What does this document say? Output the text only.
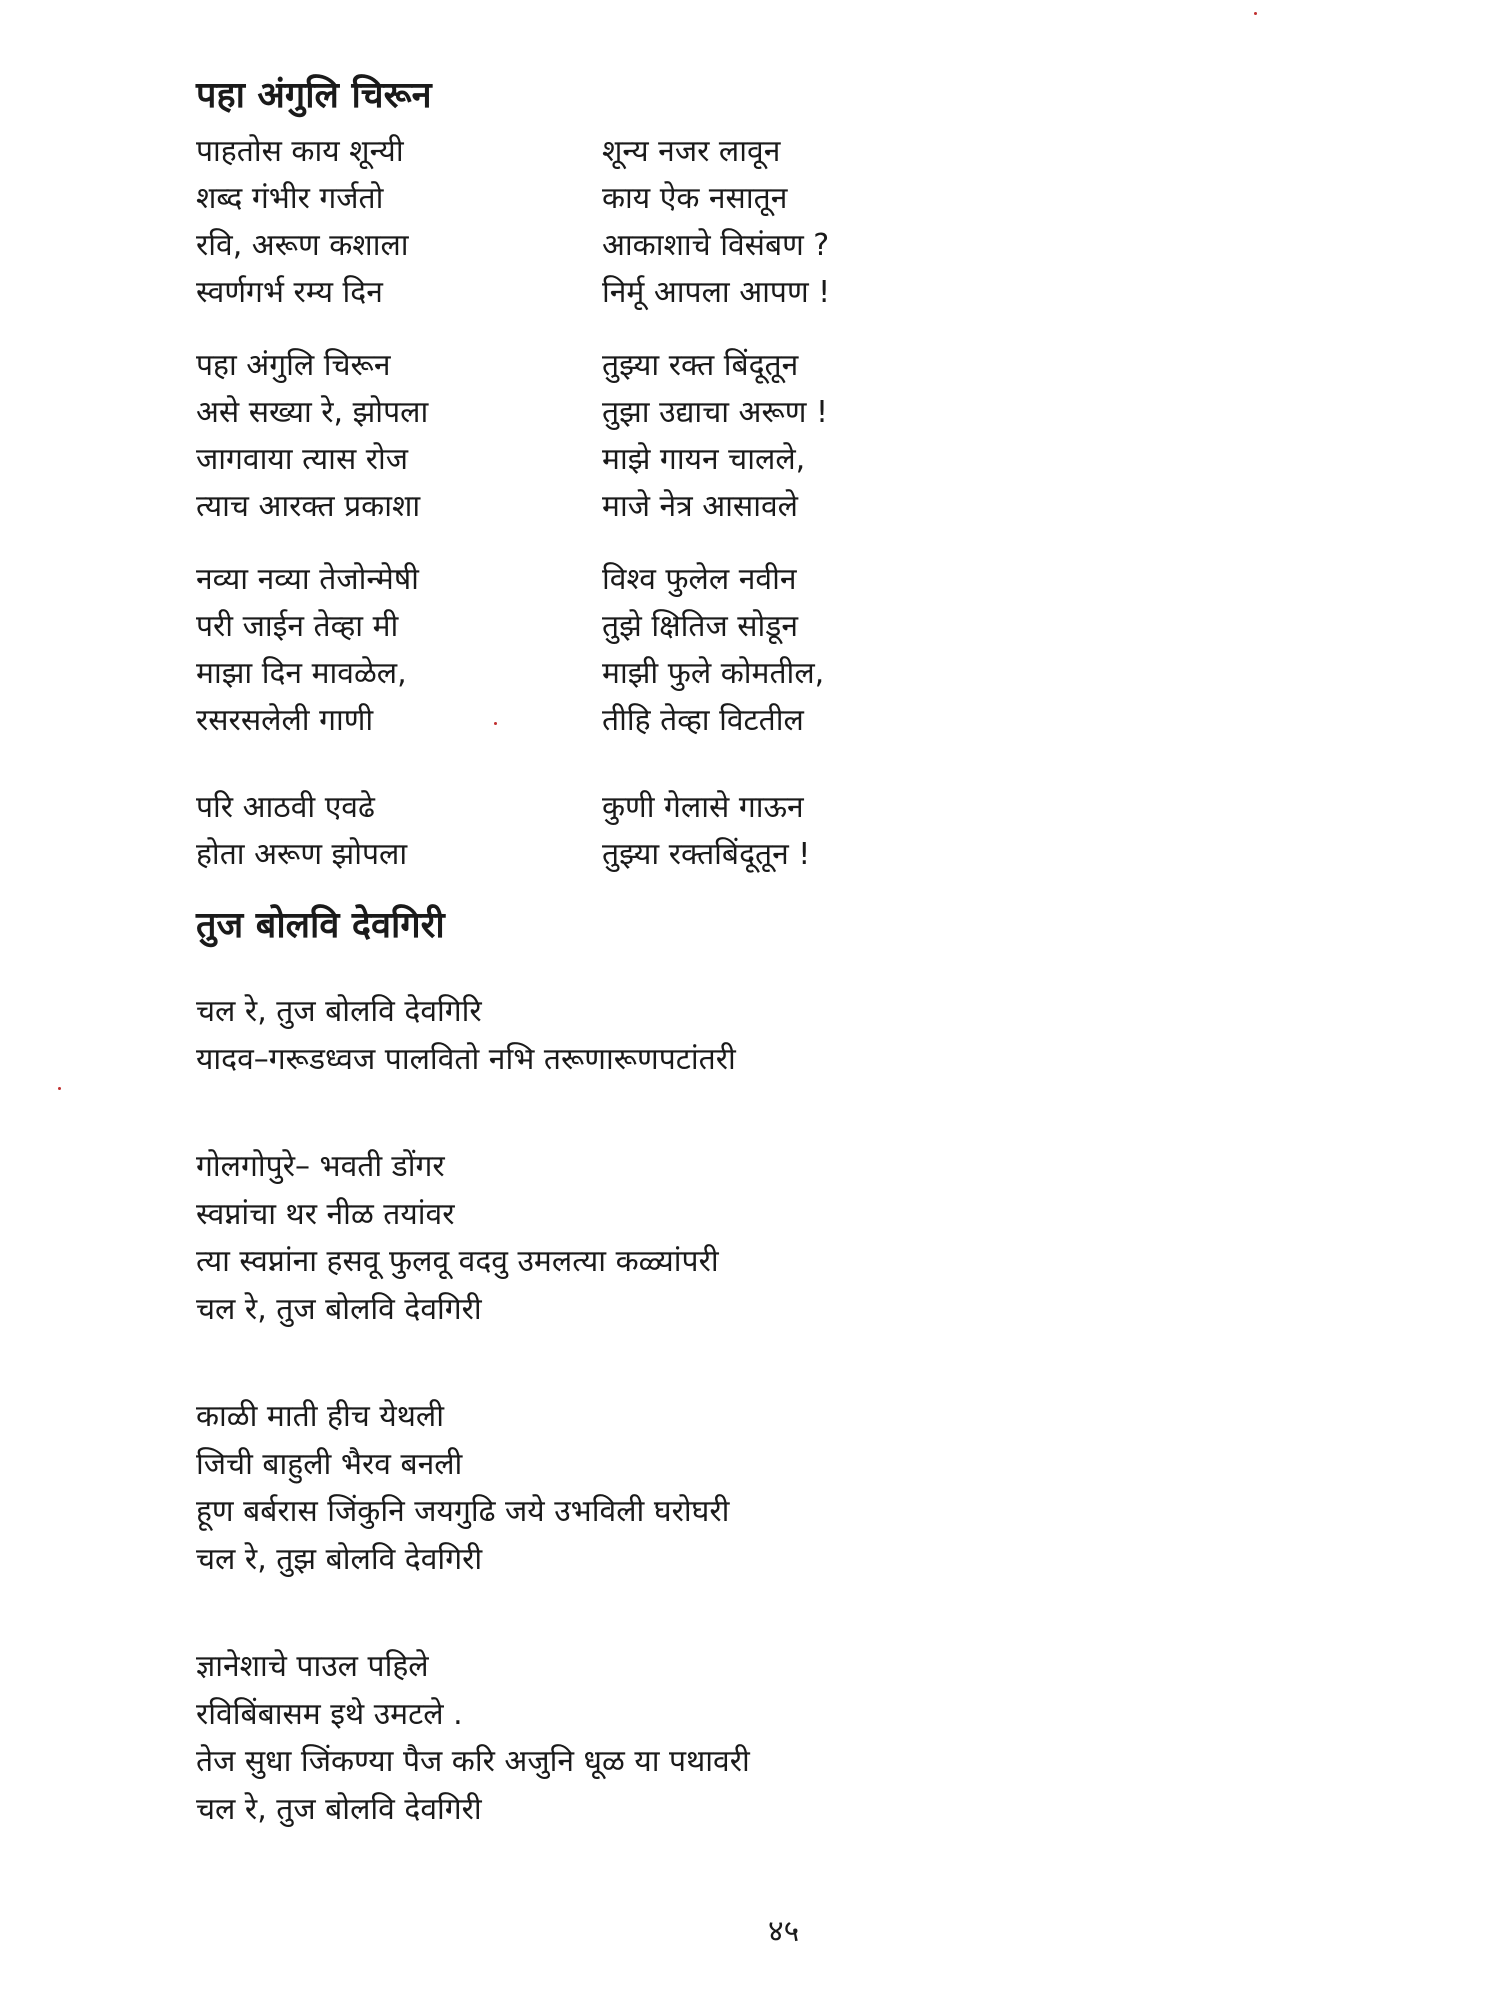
पहा अंगुलि चिरून
पाहतोस काय शून्यी	शून्य नजर लावून
शब्द गंभीर गर्जतो	काय ऐक नसातून
रवि, अरूण कशाला	आकाशाचे विसंबण ?
स्वर्णगर्भ रम्य दिन	निर्मू आपला आपण !
पहा अंगुलि चिरून	तुझ्या रक्त बिंदूतून
असे सख्या रे, झोपला	तुझा उद्याचा अरूण !
जागवाया त्यास रोज	माझे गायन चालले,
त्याच आरक्त प्रकाशा	माजे नेत्र आसावले
नव्या नव्या तेजोन्मेषी	विश्व फुलेल नवीन
परी जाईन तेव्हा मी	तुझे क्षितिज सोडून
माझा दिन मावळेल,	माझी फुले कोमतील,
रसरसलेली गाणी	तीहि तेव्हा विटतील
परि आठवी एवढे	कुणी गेलासे गाऊन
होता अरूण झोपला	तुझ्या रक्तबिंदूतून !
तुज बोलवि देवगिरी
चल रे, तुज बोलवि देवगिरि
यादव–गरूडध्वज पालवितो नभि तरूणारूणपटांतरी
गोलगोपुरे– भवती डोंगर
स्वप्नांचा थर नीळ तयांवर
त्या स्वप्नांना हसवू फुलवू वदवु उमलत्या कळ्यांपरी
चल रे, तुज बोलवि देवगिरी
काळी माती हीच येथली
जिची बाहुली भैरव बनली
हूण बर्बरास जिंकुनि जयगुढि जये उभविली घरोघरी
चल रे, तुझ बोलवि देवगिरी
ज्ञानेशाचे पाउल पहिले
रविबिंबासम इथे उमटले .
तेज सुधा जिंकण्या पैज करि अजुनि धूळ या पथावरी
चल रे, तुज बोलवि देवगिरी
४५
